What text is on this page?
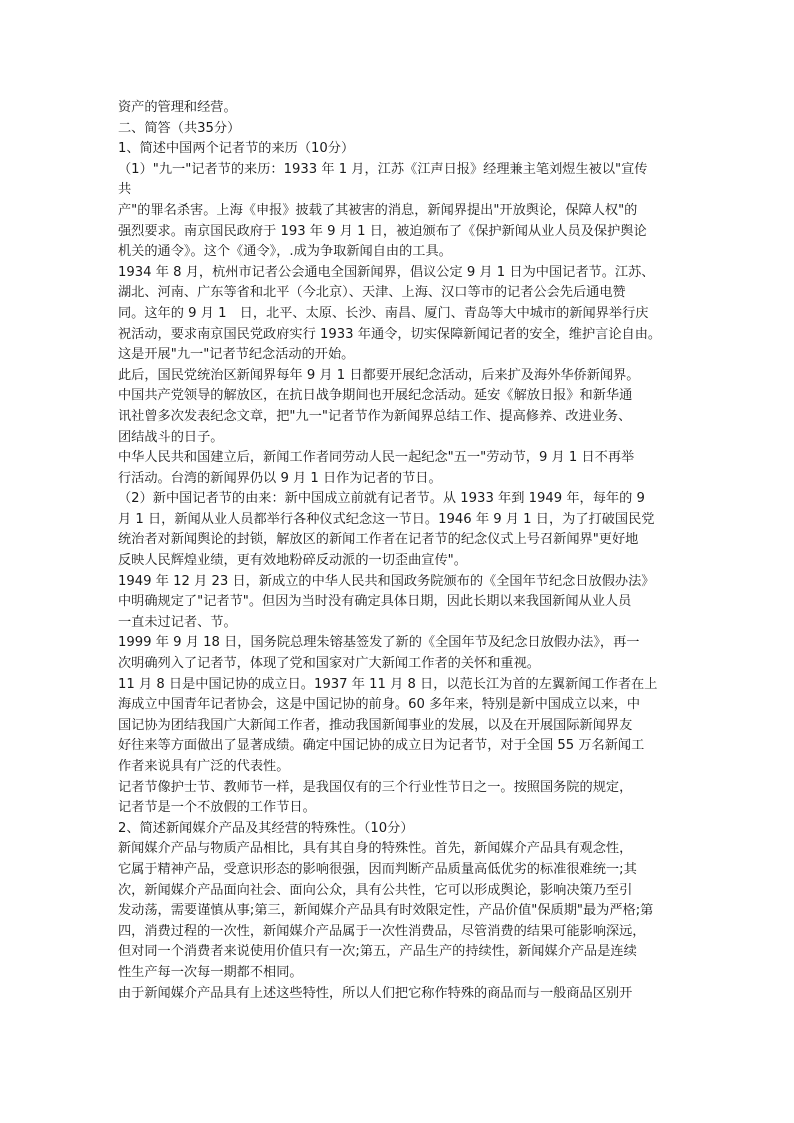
资产的管理和经营。

二、简答（共35分）

1、简述中国两个记者节的来历（10分）

（1）"九一"记者节的来历：1933 年 1 月，江苏《江声日报》经理兼主笔刘煜生被以"宣传

共

产"的罪名杀害。上海《申报》披载了其被害的消息，新闻界提出"开放舆论，保障人权"的

强烈要求。南京国民政府于 193 年 9 月 1 日，被迫颁布了《保护新闻从业人员及保护舆论

机关的通令》。这个《通令》，.成为争取新闻自由的工具。

1934 年 8 月，杭州市记者公会通电全国新闻界，倡议公定 9 月 1 日为中国记者节。江苏、

湖北、河南、广东等省和北平（今北京）、天津、上海、汉口等市的记者公会先后通电赞

同。这年的 9 月 1　日，北平、太原、长沙、南昌、厦门、青岛等大中城市的新闻界举行庆

祝活动，要求南京国民党政府实行 1933 年通令，切实保障新闻记者的安全，维护言论自由。

这是开展"九一"记者节纪念活动的开始。

此后，国民党统治区新闻界每年 9 月 1 日都要开展纪念活动，后来扩及海外华侨新闻界。

中国共产党领导的解放区，在抗日战争期间也开展纪念活动。延安《解放日报》和新华通

讯社曾多次发表纪念文章，把"九一"记者节作为新闻界总结工作、提高修养、改进业务、

团结战斗的日子。

中华人民共和国建立后，新闻工作者同劳动人民一起纪念"五一"劳动节，9 月 1 日不再举

行活动。台湾的新闻界仍以 9 月 1 日作为记者的节日。

（2）新中国记者节的由来：新中国成立前就有记者节。从 1933 年到 1949 年，每年的 9

月 1 日，新闻从业人员都举行各种仪式纪念这一节日。1946 年 9 月 1 日，为了打破国民党

统治者对新闻舆论的封锁，解放区的新闻工作者在记者节的纪念仪式上号召新闻界"更好地

反映人民辉煌业绩，更有效地粉碎反动派的一切歪曲宣传"。

1949 年 12 月 23 日，新成立的中华人民共和国政务院颁布的《全国年节纪念日放假办法》

中明确规定了"记者节"。但因为当时没有确定具体日期，因此长期以来我国新闻从业人员

一直未过记者、节。

1999 年 9 月 18 日，国务院总理朱镕基签发了新的《全国年节及纪念日放假办法》，再一

次明确列入了记者节，体现了党和国家对广大新闻工作者的关怀和重视。

11 月 8 日是中国记协的成立日。1937 年 11 月 8 日，以范长江为首的左翼新闻工作者在上

海成立中国青年记者协会，这是中国记协的前身。60 多年来，特别是新中国成立以来，中

国记协为团结我国广大新闻工作者，推动我国新闻事业的发展，以及在开展国际新闻界友

好往来等方面做出了显著成绩。确定中国记协的成立日为记者节，对于全国 55 万名新闻工

作者来说具有广泛的代表性。

记者节像护士节、教师节一样，是我国仅有的三个行业性节日之一。按照国务院的规定，

记者节是一个不放假的工作节日。

2、简述新闻媒介产品及其经营的特殊性。（10分）

新闻媒介产品与物质产品相比，具有其自身的特殊性。首先，新闻媒介产品具有观念性，

它属于精神产品，受意识形态的影响很强，因而判断产品质量高低优劣的标准很难统一;其

次，新闻媒介产品面向社会、面向公众，具有公共性，它可以形成舆论，影响决策乃至引

发动荡，需要谨慎从事;第三，新闻媒介产品具有时效限定性，产品价值"保质期"最为严格;第

四，消费过程的一次性，新闻媒介产品属于一次性消费品，尽管消费的结果可能影响深远，

但对同一个消费者来说使用价值只有一次;第五，产品生产的持续性，新闻媒介产品是连续

性生产每一次每一期都不相同。

由于新闻媒介产品具有上述这些特性，所以人们把它称作特殊的商品而与一般商品区别开
